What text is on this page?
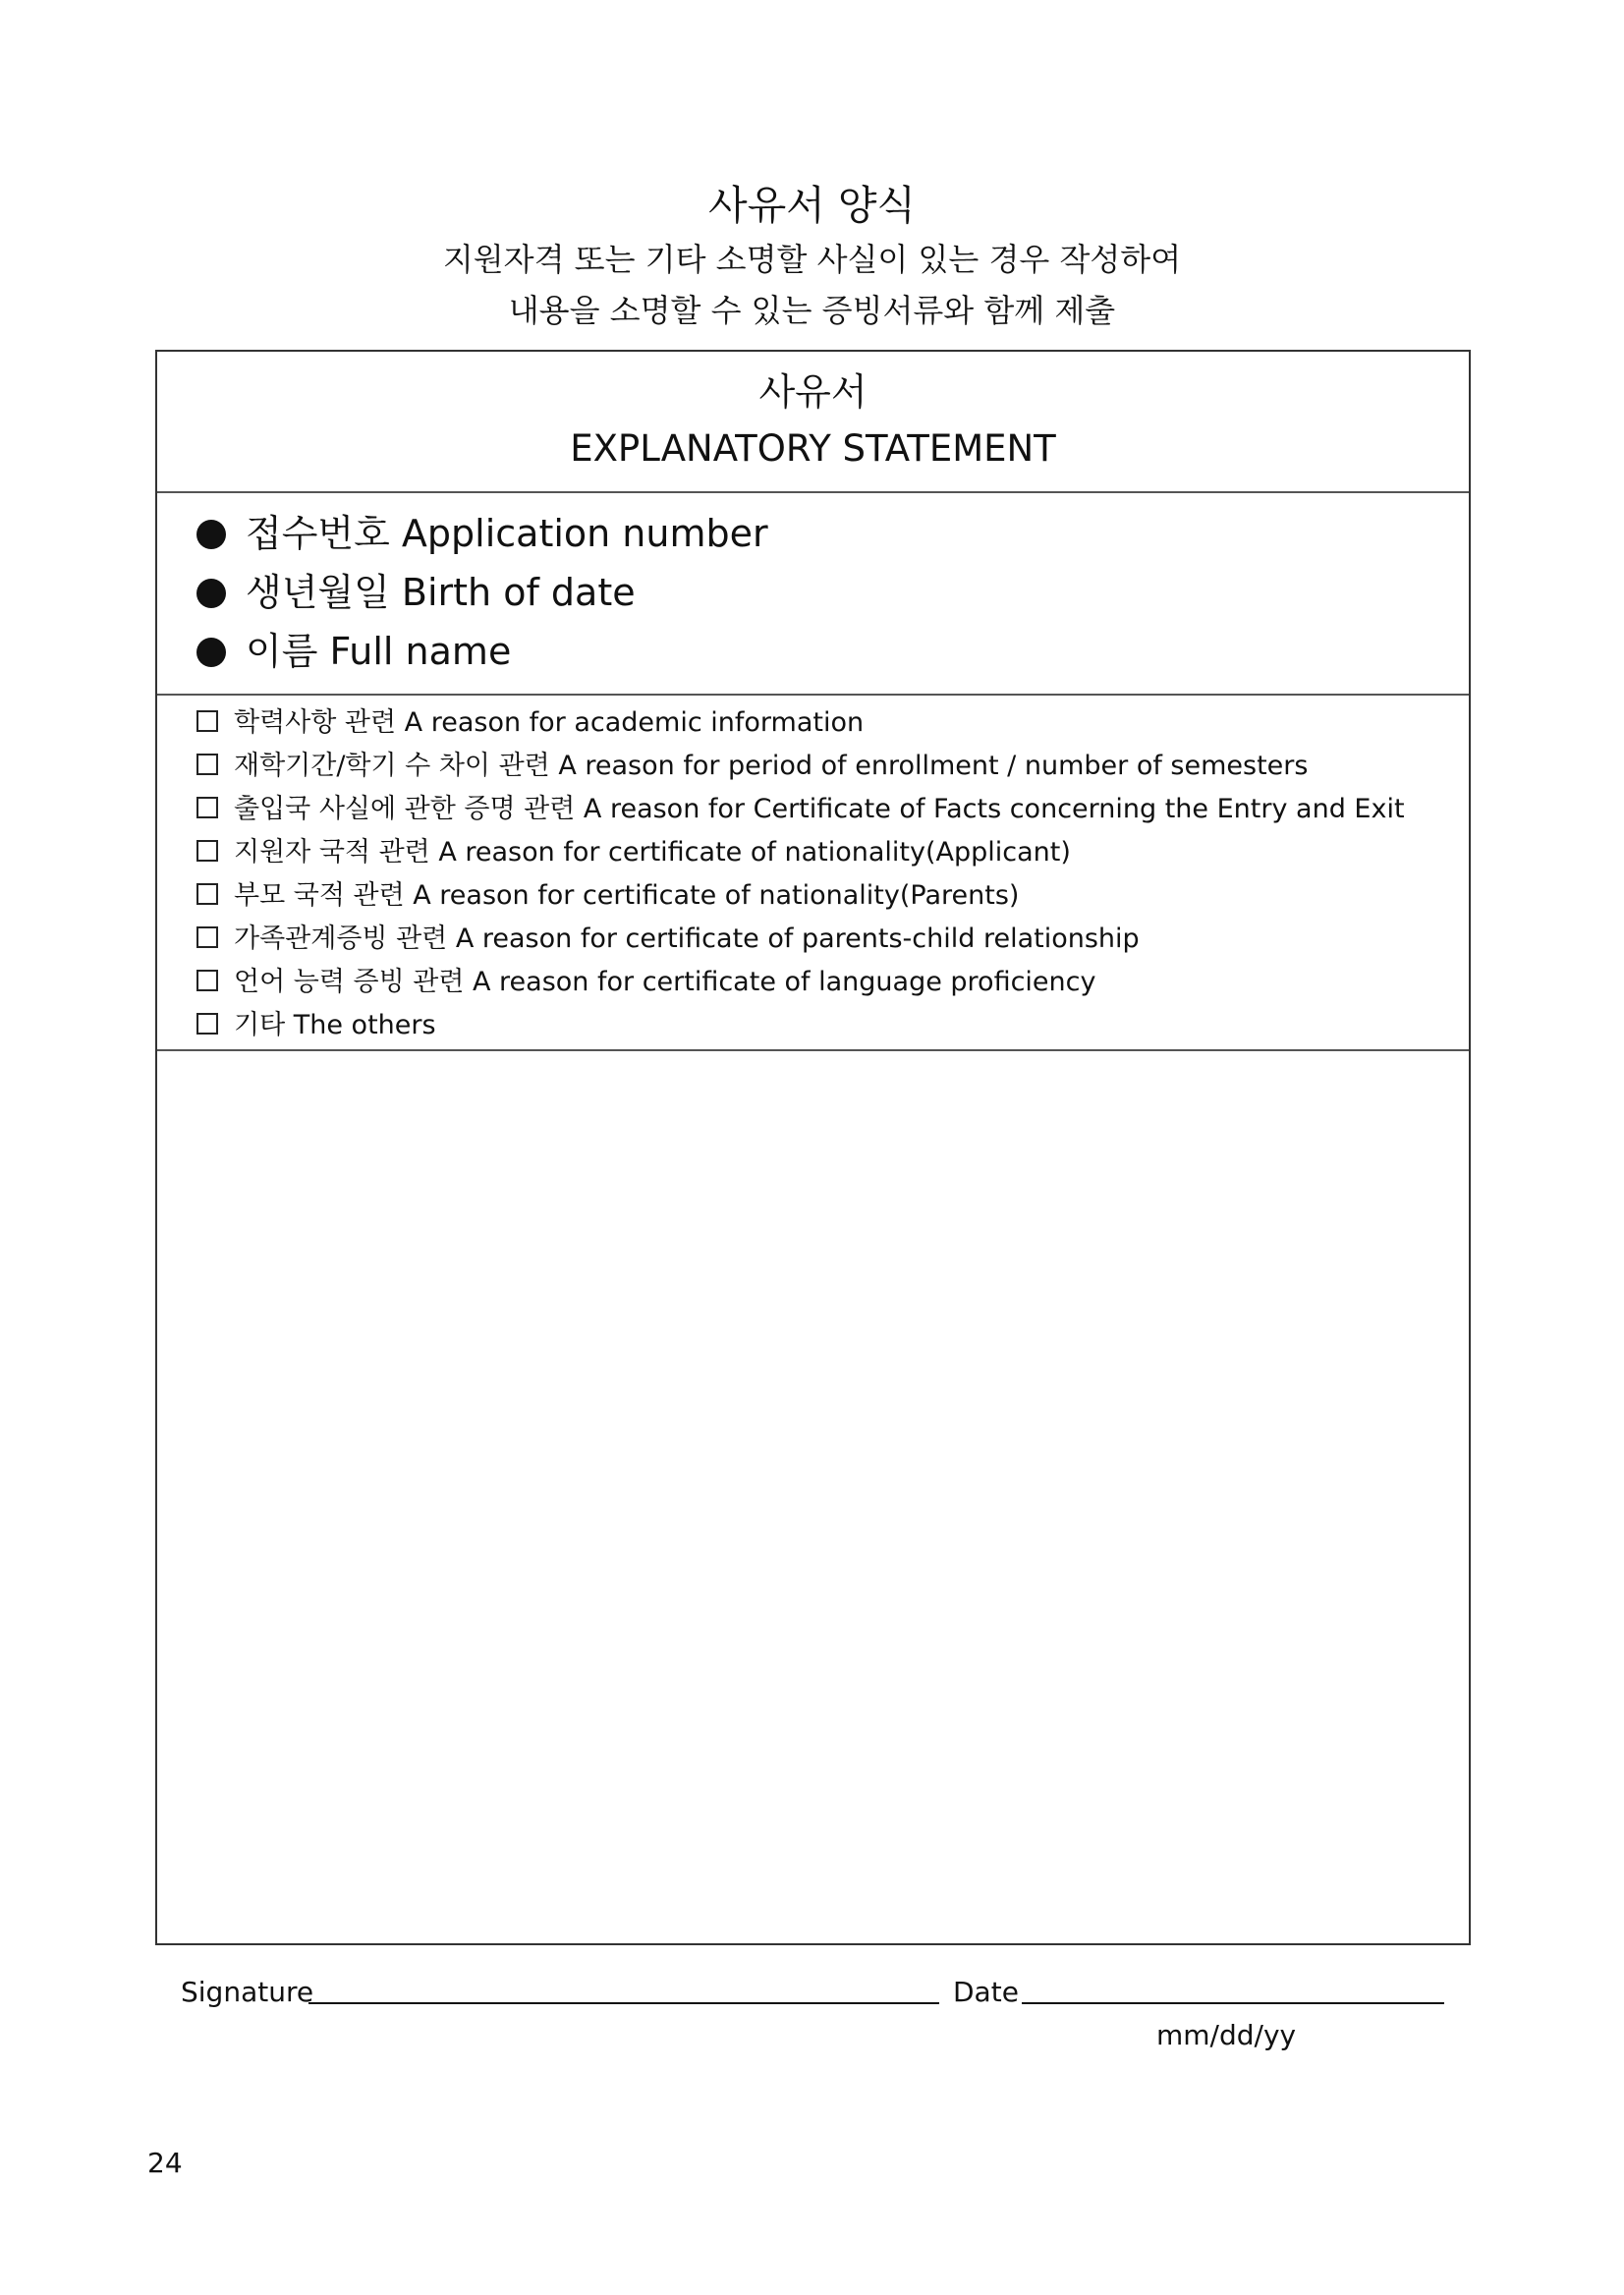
사유서 양식
지원자격 또는 기타 소명할 사실이 있는 경우 작성하여
내용을 소명할 수 있는 증빙서류와 함께 제출
사유서
EXPLANATORY STATEMENT
접수번호 Application number
생년월일 Birth of date
이름 Full name
학력사항 관련 A reason for academic information
재학기간/학기 수 차이 관련 A reason for period of enrollment / number of semesters
출입국 사실에 관한 증명 관련 A reason for Certificate of Facts concerning the Entry and Exit
지원자 국적 관련 A reason for certificate of nationality(Applicant)
부모 국적 관련 A reason for certificate of nationality(Parents)
가족관계증빙 관련 A reason for certificate of parents-child relationship
언어 능력 증빙 관련 A reason for certificate of language proficiency
기타 The others
Signature	Date
mm/dd/yy
24
